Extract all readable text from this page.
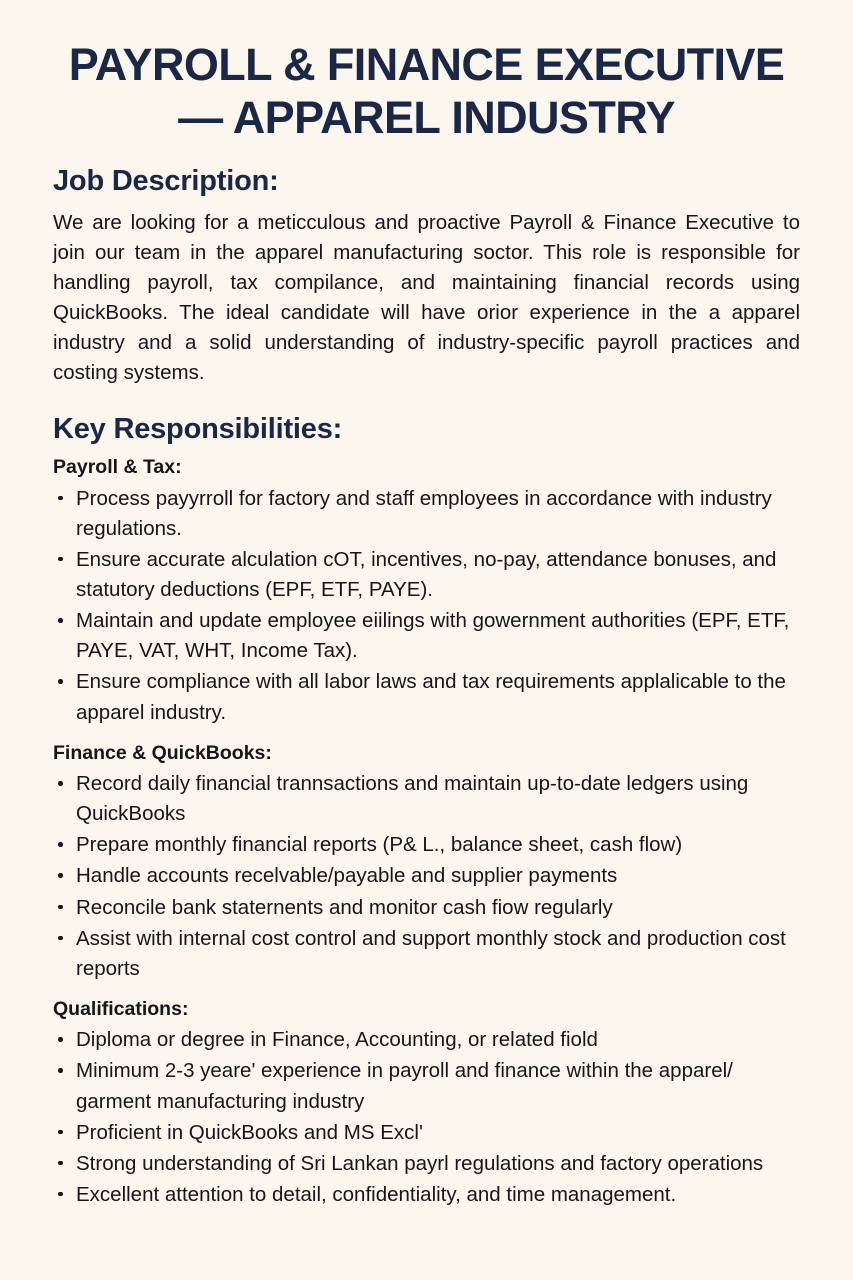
PAYROLL & FINANCE EXECUTIVE
— APPAREL INDUSTRY
Job Description:

We are looking for a meticculous and proactive Payroll & Finance Executive to join our team in the apparel manufacturing soctor. This role is responsible for handling payroll, tax compilance, and maintaining financial records using QuickBooks. The ideal candidate will have orior experience in the a apparel industry and a solid understanding of industry-specific payroll practices and costing systems.

Key Responsibilities:
Payroll & Tax:
Process payyrroll for factory and staff employees in accordance with industry regulations.
Ensure accurate alculation cOT, incentives, no-pay, attendance bonuses, and statutory deductions (EPF, ETF, PAYE).
Maintain and update employee eiilings with gowernment authorities (EPF, ETF, PAYE, VAT, WHT, Income Tax).
Ensure compliance with all labor laws and tax requirements applalicable to the apparel industry.
Finance & QuickBooks:
Record daily financial trannsactions and maintain up-to-date ledgers using QuickBooks
Prepare monthly financial reports (P& L., balance sheet, cash flow)
Handle accounts recelvable/payable and supplier payments
Reconcile bank staternents and monitor cash fiow regularly
Assist with internal cost control and support monthly stock and production cost reports
Qualifications:
Diploma or degree in Finance, Accounting, or related fiold
Minimum 2-3 yeare' experience in payroll and finance within the apparel/ garment manufacturing industry
Proficient in QuickBooks and MS Excl'
Strong understanding of Sri Lankan payrl regulations and factory operations
Excellent attention to detail, confidentiality, and time management.
